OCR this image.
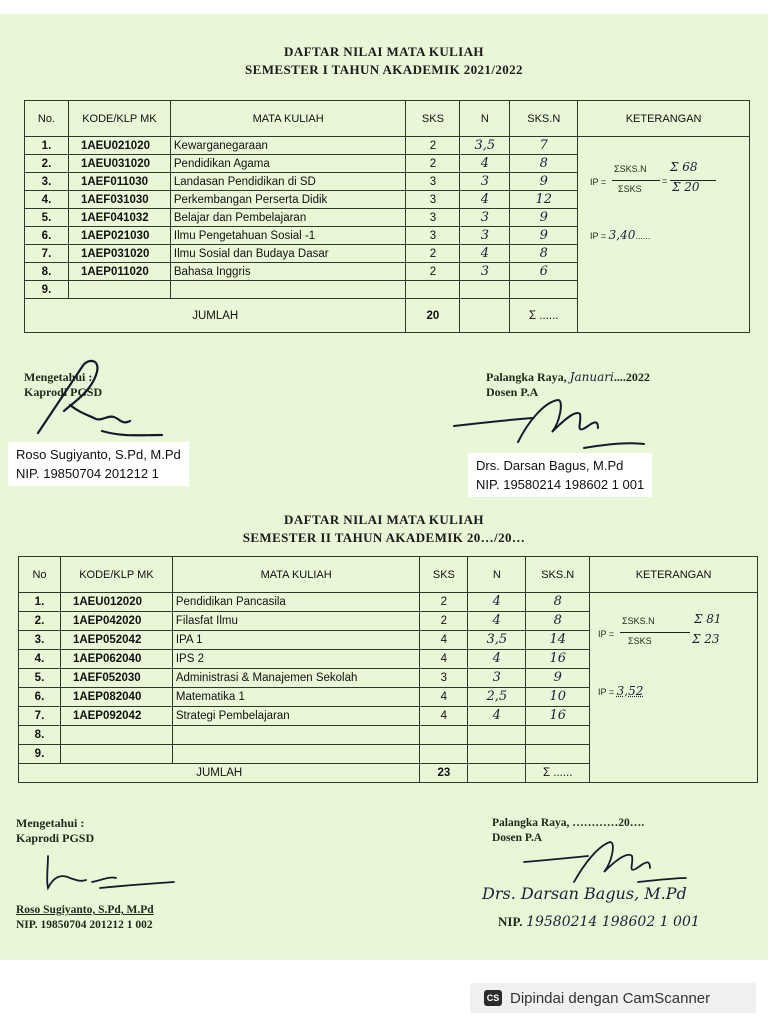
DAFTAR NILAI MATA KULIAH
SEMESTER I TAHUN AKADEMIK 2021/2022
No.	KODE/KLP MK	MATA KULIAH	SKS	N	SKS.N	KETERANGAN
1.	1AEU021020	Kewarganegaraan	2	3,5	7	
2.	1AEU031020	Pendidikan Agama	2	4	8	
3.	1AEF011030	Landasan Pendidikan di SD	3	3	9	
4.	1AEF031030	Perkembangan Perserta Didik	3	4	12	
5.	1AEF041032	Belajar dan Pembelajaran	3	3	9	
6.	1AEP021030	Ilmu Pengetahuan Sosial -1	3	3	9	
7.	1AEP031020	Ilmu Sosial dan Budaya Dasar	2	4	8	
8.	1AEP011020	Bahasa Inggris	2	3	6	
9.						
JUMLAH			20		Σ ......	
IP =
ΣSKS.N
ΣSKS
=
Σ 68
Σ 20
IP = 3,40......
Mengetahui :
Kaprodi PGSD
Roso Sugiyanto, S.Pd, M.Pd
NIP. 19850704 201212 1
Palangka Raya, Januari....2022
Dosen P.A
Drs. Darsan Bagus, M.Pd
NIP. 19580214 198602 1 001
DAFTAR NILAI MATA KULIAH
SEMESTER II TAHUN AKADEMIK 20…/20…
No	KODE/KLP MK	MATA KULIAH	SKS	N	SKS.N	KETERANGAN
1.	1AEU012020	Pendidikan Pancasila	2	4	8	
2.	1AEP042020	Filasfat Ilmu	2	4	8	
3.	1AEP052042	IPA 1	4	3,5	14	
4.	1AEP062040	IPS 2	4	4	16	
5.	1AEF052030	Administrasi & Manajemen Sekolah	3	3	9	
6.	1AEP082040	Matematika 1	4	2,5	10	
7.	1AEP092042	Strategi Pembelajaran	4	4	16	
8.						
9.						
JUMLAH			23		Σ ......	
IP =
ΣSKS.N
ΣSKS
Σ 81
Σ 23
IP = 3,52
Mengetahui :
Kaprodi PGSD
Roso Sugiyanto, S.Pd, M.Pd
NIP. 19850704 201212 1 002
Palangka Raya, …………20….
Dosen P.A
Drs. Darsan Bagus, M.Pd
NIP. 19580214 198602 1 001
CS Dipindai dengan CamScanner
